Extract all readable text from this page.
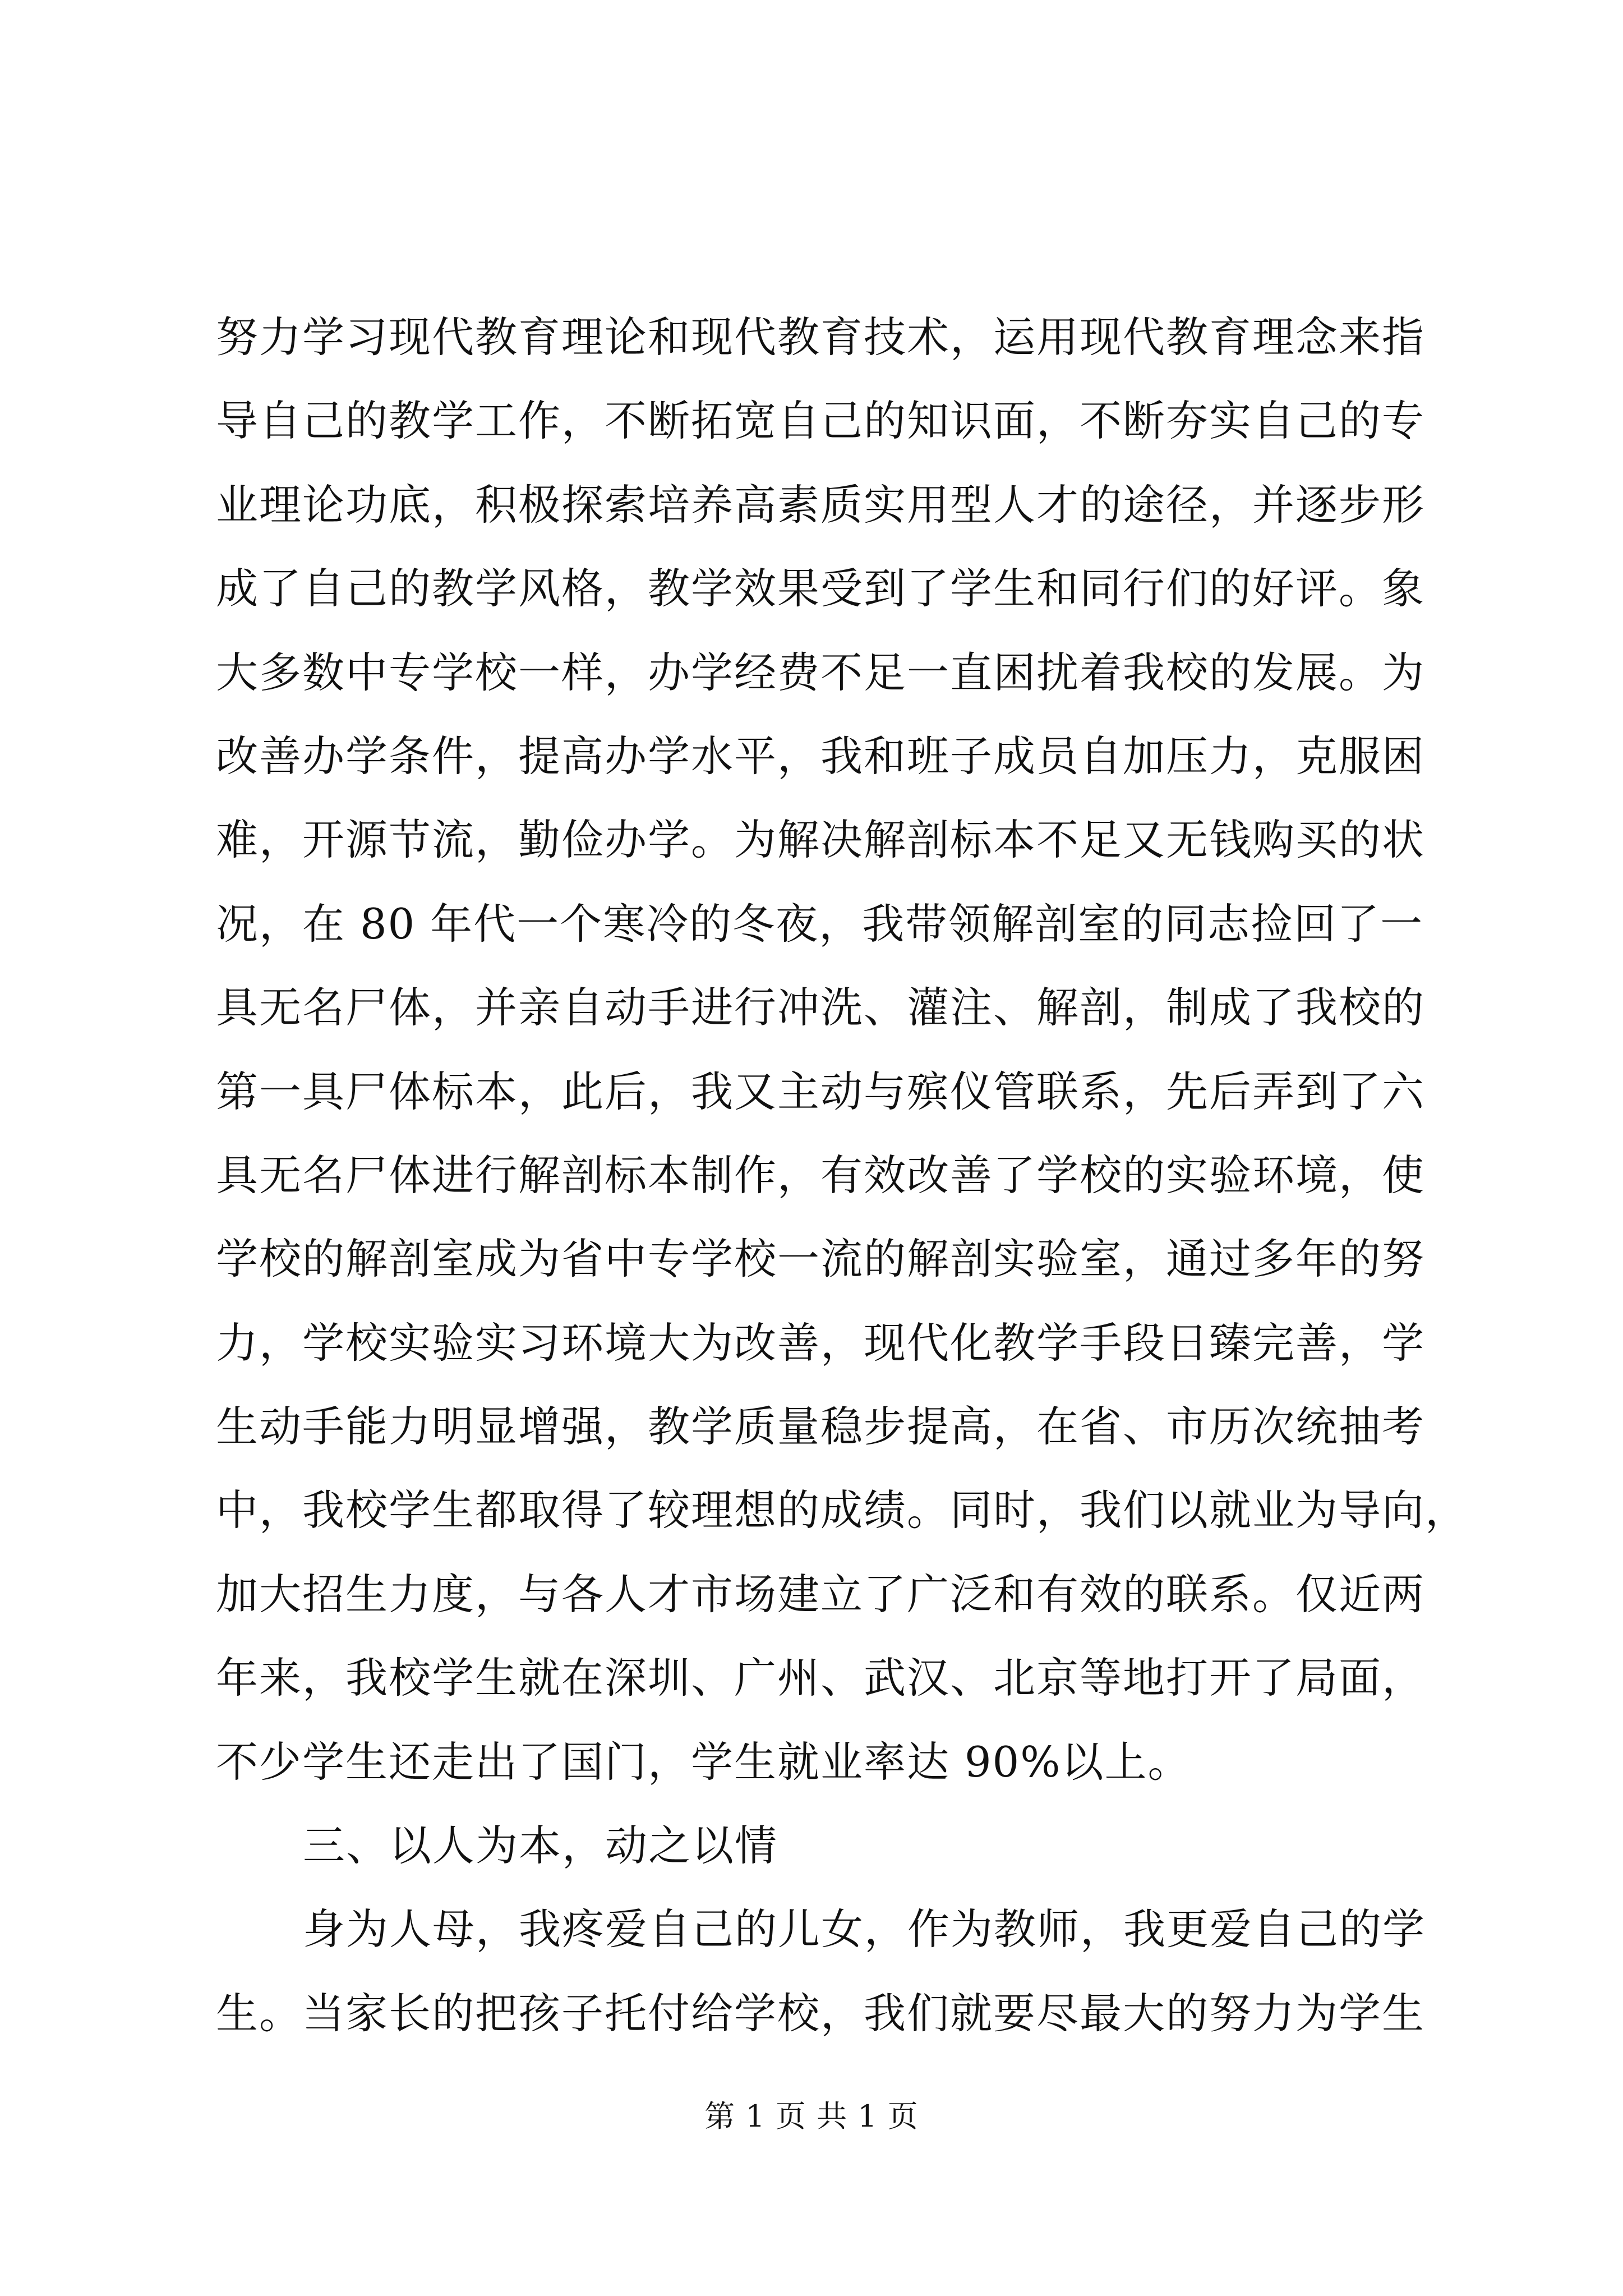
努力学习现代教育理论和现代教育技术，运用现代教育理念来指
导自己的教学工作，不断拓宽自己的知识面，不断夯实自己的专
业理论功底，积极探索培养高素质实用型人才的途径，并逐步形
成了自己的教学风格，教学效果受到了学生和同行们的好评。象
大多数中专学校一样，办学经费不足一直困扰着我校的发展。为
改善办学条件，提高办学水平，我和班子成员自加压力，克服困
难，开源节流，勤俭办学。为解决解剖标本不足又无钱购买的状
况，在 80 年代一个寒冷的冬夜，我带领解剖室的同志捡回了一
具无名尸体，并亲自动手进行冲洗、灌注、解剖，制成了我校的
第一具尸体标本，此后，我又主动与殡仪管联系，先后弄到了六
具无名尸体进行解剖标本制作，有效改善了学校的实验环境，使
学校的解剖室成为省中专学校一流的解剖实验室，通过多年的努
力，学校实验实习环境大为改善，现代化教学手段日臻完善，学
生动手能力明显增强，教学质量稳步提高，在省、市历次统抽考
中，我校学生都取得了较理想的成绩。同时，我们以就业为导向，
加大招生力度，与各人才市场建立了广泛和有效的联系。仅近两
年来，我校学生就在深圳、广州、武汉、北京等地打开了局面，
不少学生还走出了国门，学生就业率达 90%以上。
三、以人为本，动之以情
身为人母，我疼爱自己的儿女，作为教师，我更爱自己的学
生。当家长的把孩子托付给学校，我们就要尽最大的努力为学生
第 1 页 共 1 页
